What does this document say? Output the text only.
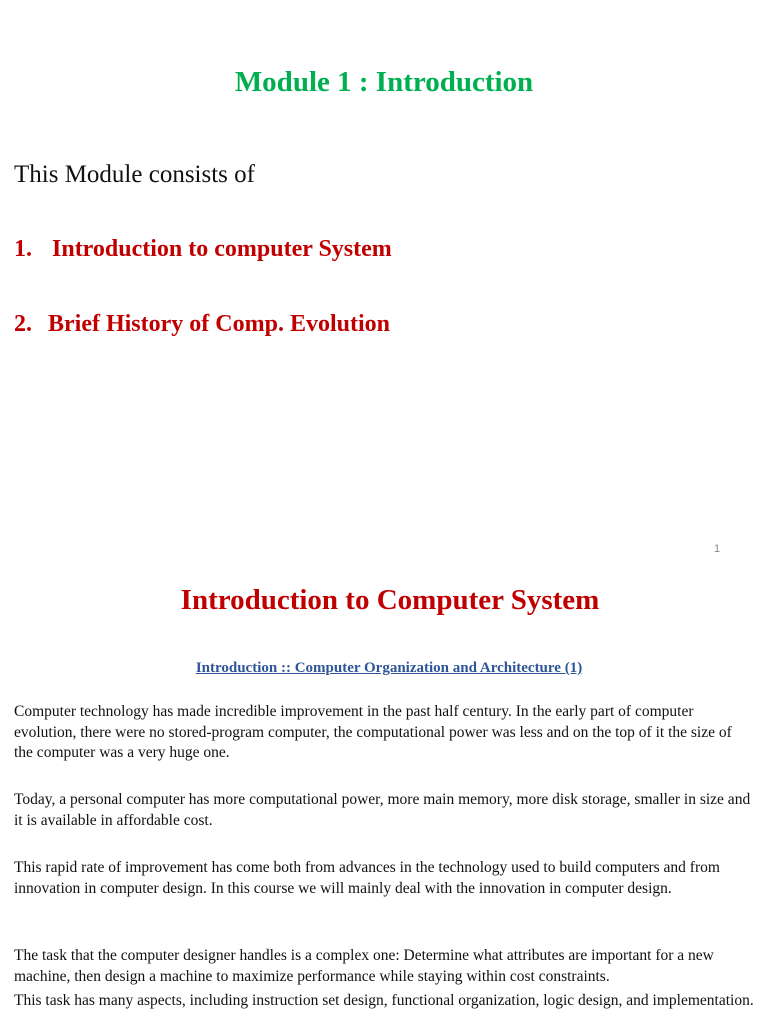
Module 1 : Introduction
This Module consists of
1. Introduction to computer System
2. Brief History of Comp. Evolution
1
Introduction to Computer System
Introduction :: Computer Organization and Architecture (1)

Computer technology has made incredible improvement in the past half century. In the early part of computer evolution, there were no stored-program computer, the computational power was less and on the top of it the size of the computer was a very huge one.

Today, a personal computer has more computational power, more main memory, more disk storage, smaller in size and it is available in affordable cost.

This rapid rate of improvement has come both from advances in the technology used to build computers and from innovation in computer design. In this course we will mainly deal with the innovation in computer design.

The task that the computer designer handles is a complex one: Determine what attributes are important for a new machine, then design a machine to maximize performance while staying within cost constraints.

This task has many aspects, including instruction set design, functional organization, logic design, and implementation.
